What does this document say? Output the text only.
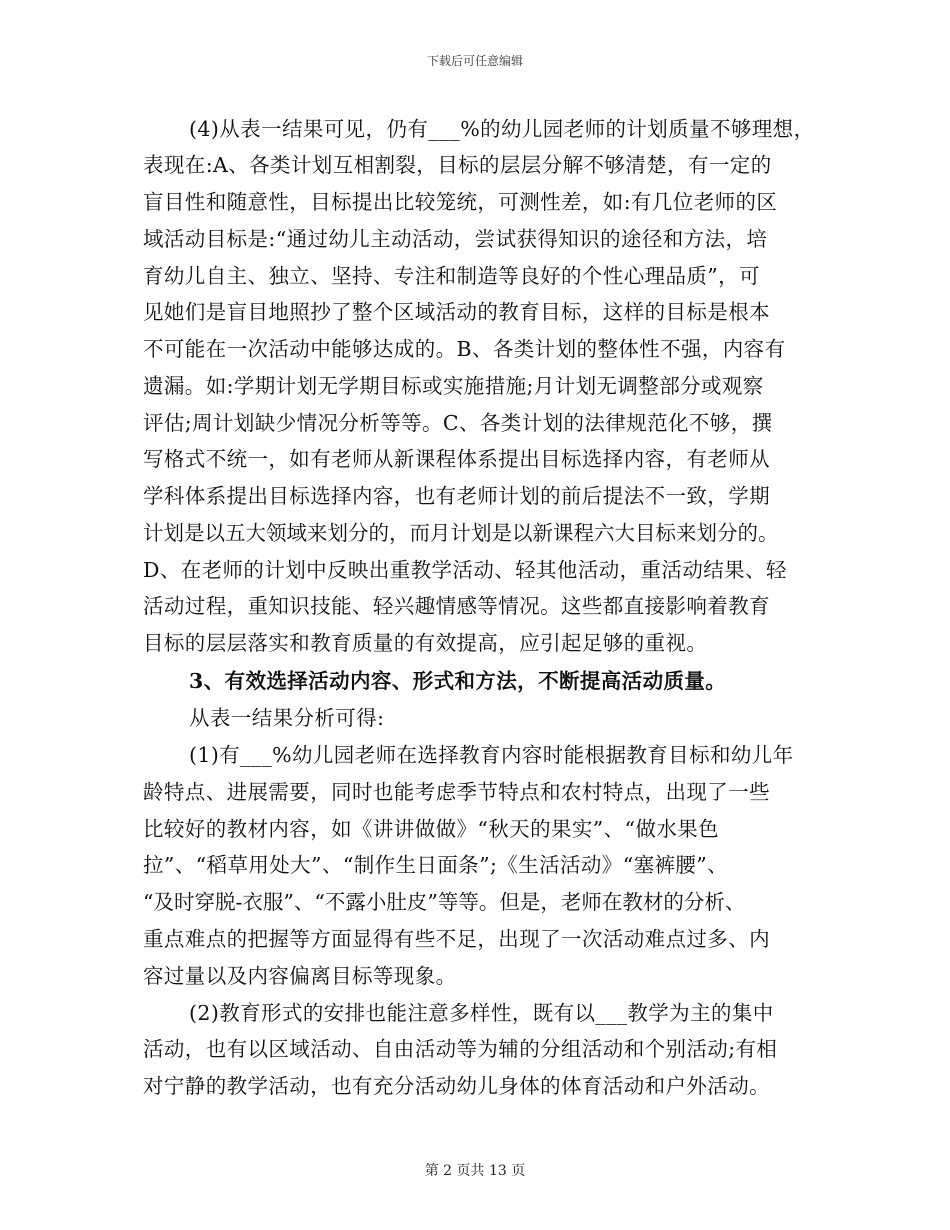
下载后可任意编辑
(4)从表一结果可见，仍有___%的幼儿园老师的计划质量不够理想，
表现在:A、各类计划互相割裂，目标的层层分解不够清楚，有一定的
盲目性和随意性，目标提出比较笼统，可测性差，如:有几位老师的区
域活动目标是:“通过幼儿主动活动，尝试获得知识的途径和方法，培
育幼儿自主、独立、坚持、专注和制造等良好的个性心理品质”，可
见她们是盲目地照抄了整个区域活动的教育目标，这样的目标是根本
不可能在一次活动中能够达成的。B、各类计划的整体性不强，内容有
遗漏。如:学期计划无学期目标或实施措施;月计划无调整部分或观察
评估;周计划缺少情况分析等等。C、各类计划的法律规范化不够，撰
写格式不统一，如有老师从新课程体系提出目标选择内容，有老师从
学科体系提出目标选择内容，也有老师计划的前后提法不一致，学期
计划是以五大领域来划分的，而月计划是以新课程六大目标来划分的。
D、在老师的计划中反映出重教学活动、轻其他活动，重活动结果、轻
活动过程，重知识技能、轻兴趣情感等情况。这些都直接影响着教育
目标的层层落实和教育质量的有效提高，应引起足够的重视。
3、有效选择活动内容、形式和方法，不断提高活动质量。
从表一结果分析可得:
(1)有___%幼儿园老师在选择教育内容时能根据教育目标和幼儿年
龄特点、进展需要，同时也能考虑季节特点和农村特点，出现了一些
比较好的教材内容，如《讲讲做做》“秋天的果实”、“做水果色
拉”、“稻草用处大”、“制作生日面条”;《生活活动》“塞裤腰”、
“及时穿脱-衣服”、“不露小肚皮”等等。但是，老师在教材的分析、
重点难点的把握等方面显得有些不足，出现了一次活动难点过多、内
容过量以及内容偏离目标等现象。
(2)教育形式的安排也能注意多样性，既有以___教学为主的集中
活动，也有以区域活动、自由活动等为辅的分组活动和个别活动;有相
对宁静的教学活动，也有充分活动幼儿身体的体育活动和户外活动。
第 2 页共 13 页
